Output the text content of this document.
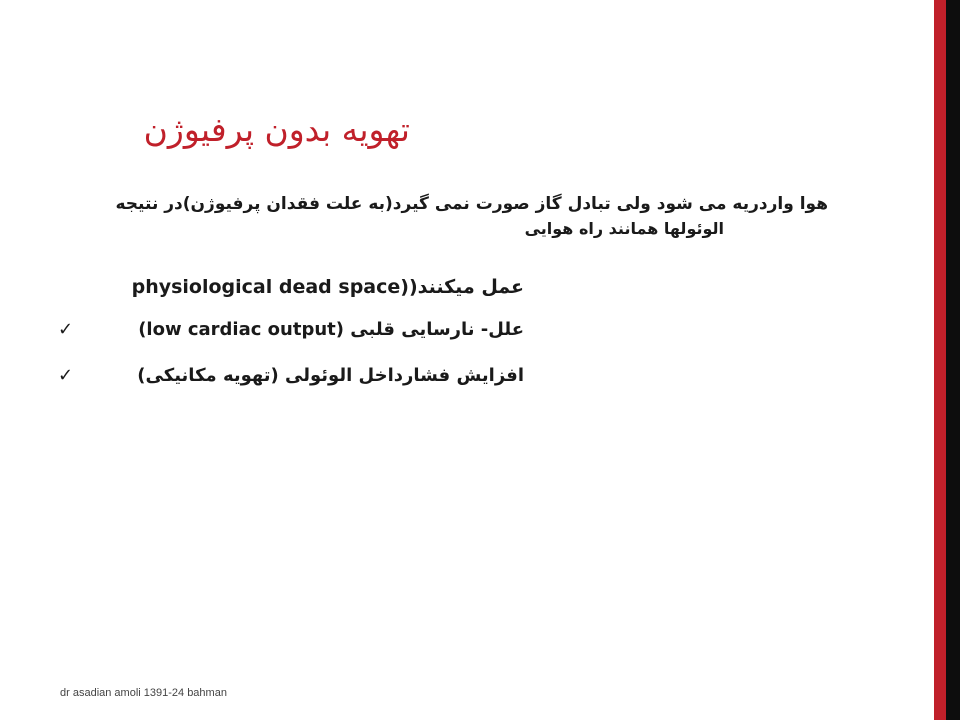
تهویه بدون پرفیوژن
هوا واردریه می شود ولی تبادل گاز صورت نمی گیرد(به علت فقدان پرفیوژن)در نتیجه
الوئولها همانند راه هوایی
عمل میکنند((physiological dead space
علل- نارسایی قلبی (low cardiac output)
✓
افزایش فشارداخل الوئولی (تهویه مکانیکی)
✓
dr asadian amoli 1391-24 bahman
